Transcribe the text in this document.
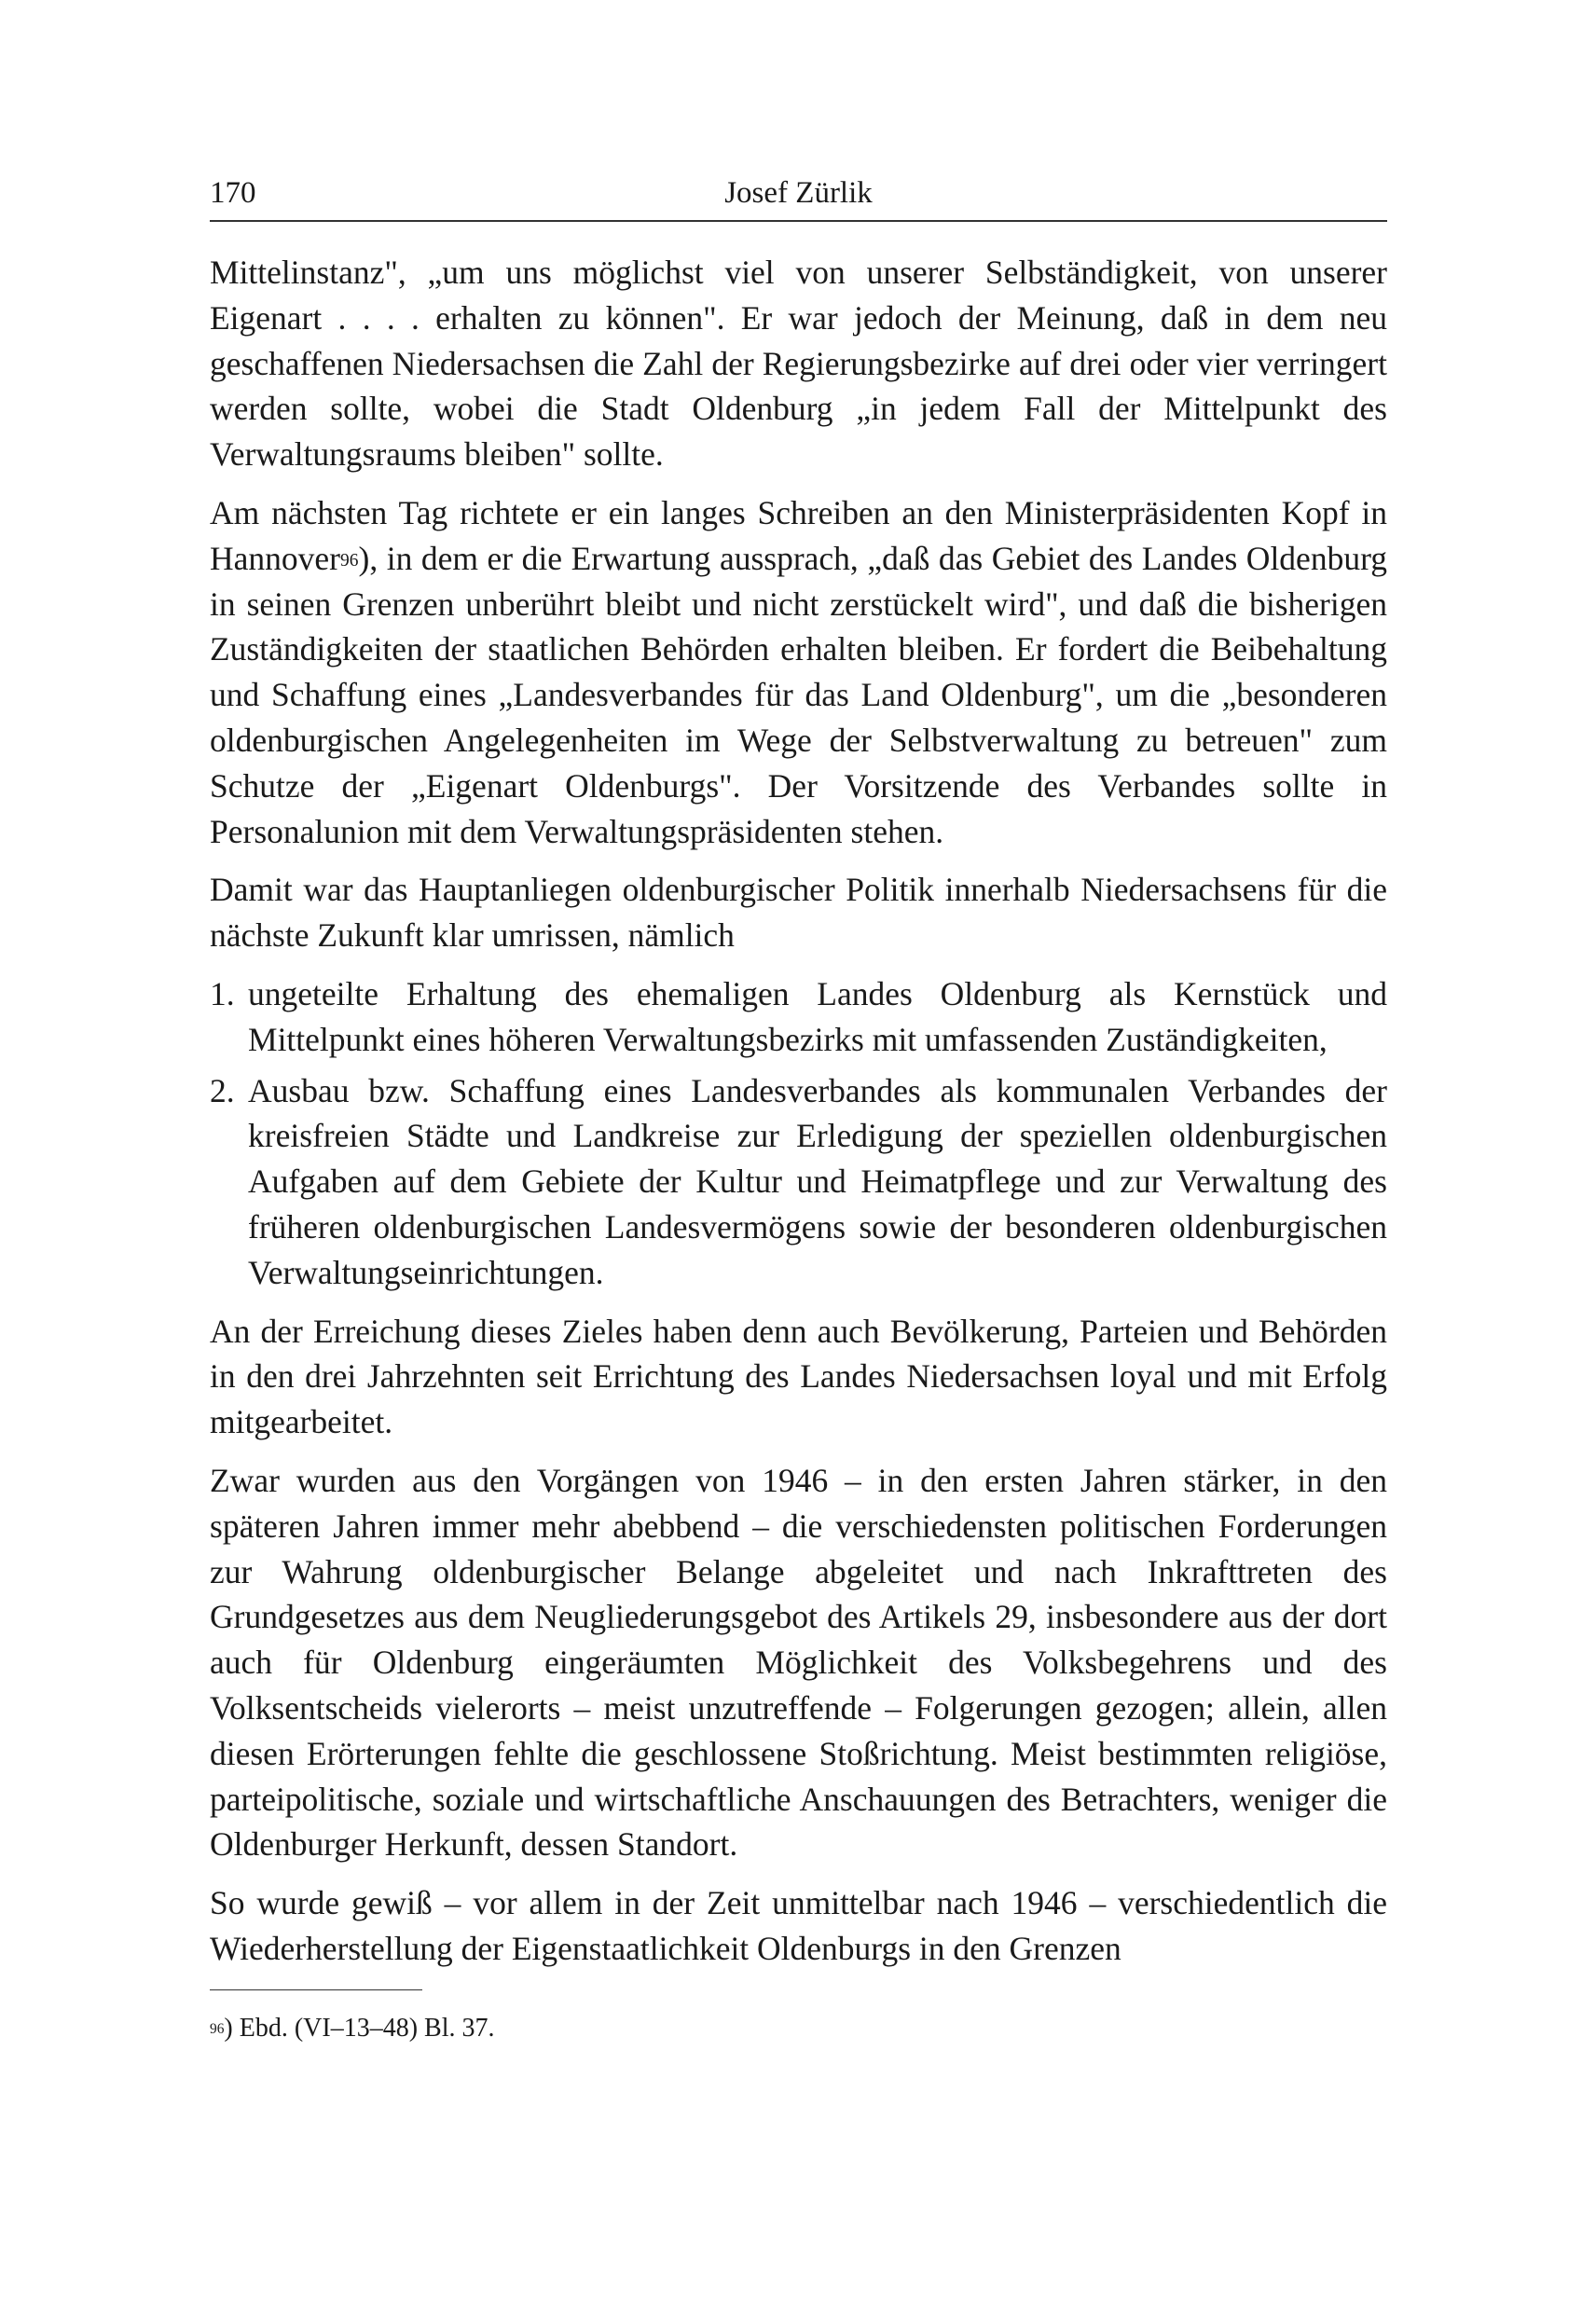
170	Josef Zürlik

Mittelinstanz", „um uns möglichst viel von unserer Selbständigkeit, von unserer Eigenart . . . . erhalten zu können". Er war jedoch der Meinung, daß in dem neu geschaffenen Niedersachsen die Zahl der Regierungsbezirke auf drei oder vier verringert werden sollte, wobei die Stadt Oldenburg „in jedem Fall der Mittelpunkt des Verwaltungsraums bleiben" sollte.

Am nächsten Tag richtete er ein langes Schreiben an den Ministerpräsidenten Kopf in Hannover$^{96}$), in dem er die Erwartung aussprach, „daß das Gebiet des Landes Oldenburg in seinen Grenzen unberührt bleibt und nicht zerstückelt wird", und daß die bisherigen Zuständigkeiten der staatlichen Behörden erhalten bleiben. Er fordert die Beibehaltung und Schaffung eines „Landesverbandes für das Land Oldenburg", um die „besonderen oldenburgischen Angelegenheiten im Wege der Selbstverwaltung zu betreuen" zum Schutze der „Eigenart Oldenburgs". Der Vorsitzende des Verbandes sollte in Personalunion mit dem Verwaltungspräsidenten stehen.

Damit war das Hauptanliegen oldenburgischer Politik innerhalb Niedersachsens für die nächste Zukunft klar umrissen, nämlich

1. ungeteilte Erhaltung des ehemaligen Landes Oldenburg als Kernstück und Mittelpunkt eines höheren Verwaltungsbezirks mit umfassenden Zuständigkeiten,
2. Ausbau bzw. Schaffung eines Landesverbandes als kommunalen Verbandes der kreisfreien Städte und Landkreise zur Erledigung der speziellen oldenburgischen Aufgaben auf dem Gebiete der Kultur und Heimatpflege und zur Verwaltung des früheren oldenburgischen Landesvermögens sowie der besonderen oldenburgischen Verwaltungseinrichtungen.

An der Erreichung dieses Zieles haben denn auch Bevölkerung, Parteien und Behörden in den drei Jahrzehnten seit Errichtung des Landes Niedersachsen loyal und mit Erfolg mitgearbeitet.

Zwar wurden aus den Vorgängen von 1946 – in den ersten Jahren stärker, in den späteren Jahren immer mehr abebbend – die verschiedensten politischen Forderungen zur Wahrung oldenburgischer Belange abgeleitet und nach Inkrafttreten des Grundgesetzes aus dem Neugliederungsgebot des Artikels 29, insbesondere aus der dort auch für Oldenburg eingeräumten Möglichkeit des Volksbegehrens und des Volksentscheids vielerorts – meist unzutreffende – Folgerungen gezogen; allein, allen diesen Erörterungen fehlte die geschlossene Stoßrichtung. Meist bestimmten religiöse, parteipolitische, soziale und wirtschaftliche Anschauungen des Betrachters, weniger die Oldenburger Herkunft, dessen Standort.

So wurde gewiß – vor allem in der Zeit unmittelbar nach 1946 – verschiedentlich die Wiederherstellung der Eigenstaatlichkeit Oldenburgs in den Grenzen

$^{96}$) Ebd. (VI–13–48) Bl. 37.
